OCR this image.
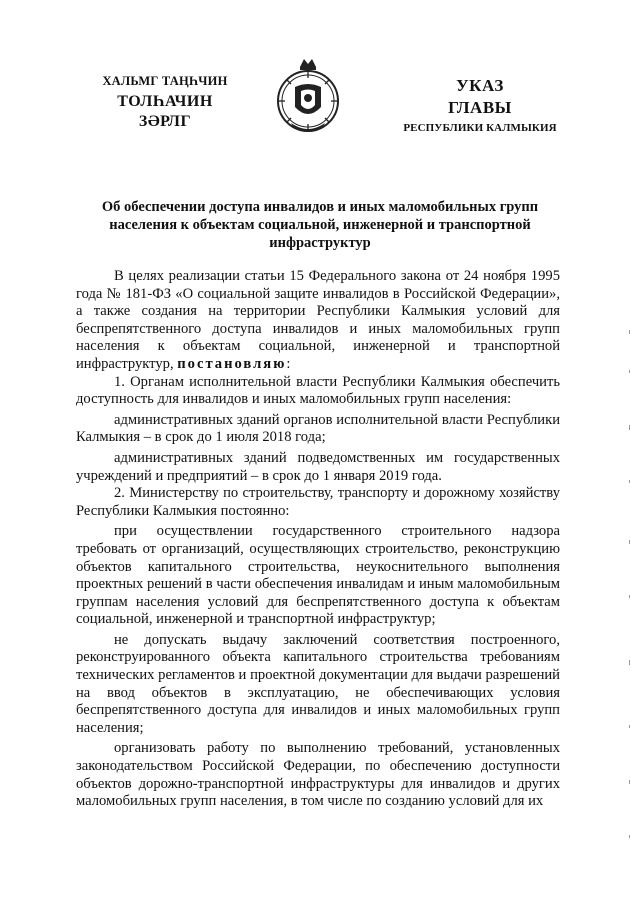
ХАЛЬМГ ТАҢҺЧИН
ТОЛҺАЧИН
ЗӘРЛГ
УКАЗ
ГЛАВЫ
РЕСПУБЛИКИ КАЛМЫКИЯ
Об обеспечении доступа инвалидов и иных маломобильных групп
населения к объектам социальной, инженерной и транспортной
инфраструктур

В целях реализации статьи 15 Федерального закона от 24 ноября 1995 года № 181-ФЗ «О социальной защите инвалидов в Российской Федерации», а также создания на территории Республики Калмыкия условий для беспрепятственного доступа инвалидов и иных маломобильных групп населения к объектам социальной, инженерной и транспортной инфраструктур, постановляю:

1. Органам исполнительной власти Республики Калмыкия обеспечить доступность для инвалидов и иных маломобильных групп населения:

административных зданий органов исполнительной власти Республики Калмыкия – в срок до 1 июля 2018 года;

административных зданий подведомственных им государственных учреждений и предприятий – в срок до 1 января 2019 года.

2. Министерству по строительству, транспорту и дорожному хозяйству Республики Калмыкия постоянно:

при осуществлении государственного строительного надзора требовать от организаций, осуществляющих строительство, реконструкцию объектов капитального строительства, неукоснительного выполнения проектных решений в части обеспечения инвалидам и иным маломобильным группам населения условий для беспрепятственного доступа к объектам социальной, инженерной и транспортной инфраструктур;

не допускать выдачу заключений соответствия построенного, реконструированного объекта капитального строительства требованиям технических регламентов и проектной документации для выдачи разрешений на ввод объектов в эксплуатацию, не обеспечивающих условия беспрепятственного доступа для инвалидов и иных маломобильных групп населения;

организовать работу по выполнению требований, установленных законодательством Российской Федерации, по обеспечению доступности объектов дорожно-транспортной инфраструктуры для инвалидов и других маломобильных групп населения, в том числе по созданию условий для их
